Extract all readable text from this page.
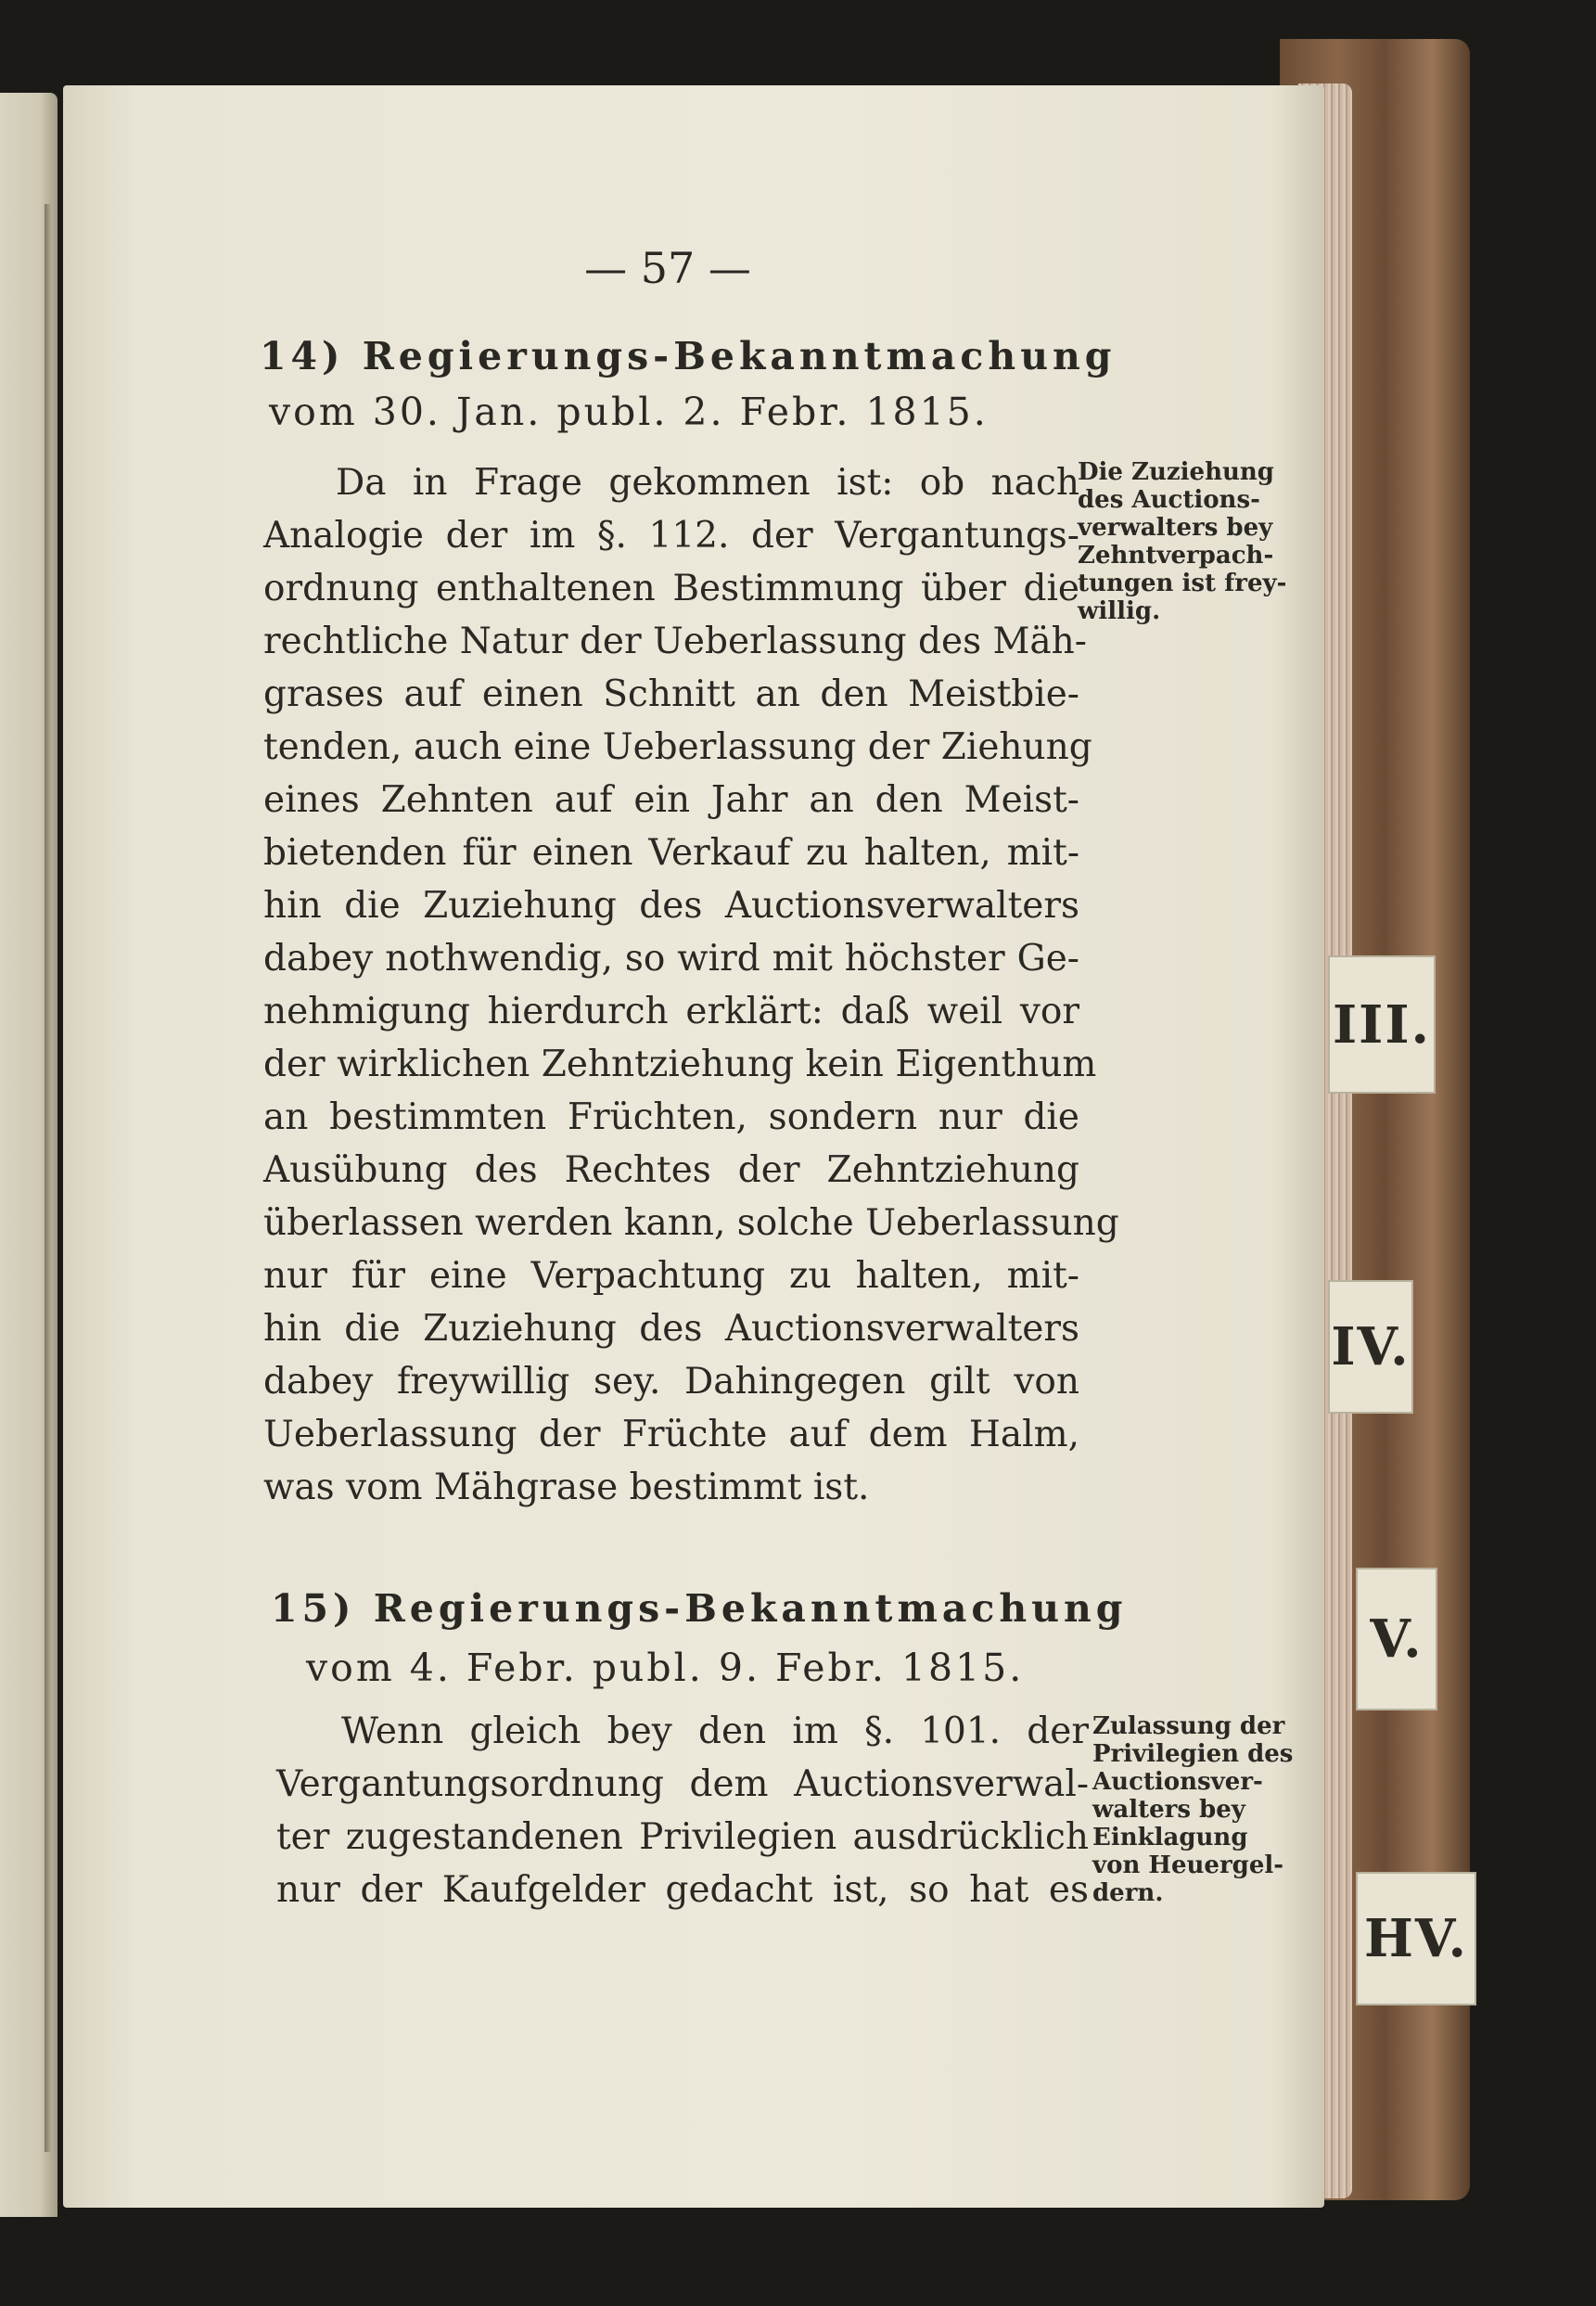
III.
IV.
V.
HV.
— 57 —
14) Regierungs-Bekanntmachung
vom 30. Jan. publ. 2. Febr. 1815.
Da in Frage gekommen ist: ob nach
Analogie der im §. 112. der Vergantungs-
ordnung enthaltenen Bestimmung über die
rechtliche Natur der Ueberlassung des Mäh-
grases auf einen Schnitt an den Meistbie-
tenden, auch eine Ueberlassung der Ziehung
eines Zehnten auf ein Jahr an den Meist-
bietenden für einen Verkauf zu halten, mit-
hin die Zuziehung des Auctionsverwalters
dabey nothwendig, so wird mit höchster Ge-
nehmigung hierdurch erklärt: daß weil vor
der wirklichen Zehntziehung kein Eigenthum
an bestimmten Früchten, sondern nur die
Ausübung des Rechtes der Zehntziehung
überlassen werden kann, solche Ueberlassung
nur für eine Verpachtung zu halten, mit-
hin die Zuziehung des Auctionsverwalters
dabey freywillig sey. Dahingegen gilt von
Ueberlassung der Früchte auf dem Halm,
was vom Mähgrase bestimmt ist.
Die Zuziehung
des Auctions-
verwalters bey
Zehntverpach-
tungen ist frey-
willig.
15) Regierungs-Bekanntmachung
vom 4. Febr. publ. 9. Febr. 1815.
Wenn gleich bey den im §. 101. der
Vergantungsordnung dem Auctionsverwal-
ter zugestandenen Privilegien ausdrücklich
nur der Kaufgelder gedacht ist, so hat es
Zulassung der
Privilegien des
Auctionsver-
walters bey
Einklagung
von Heuergel-
dern.
